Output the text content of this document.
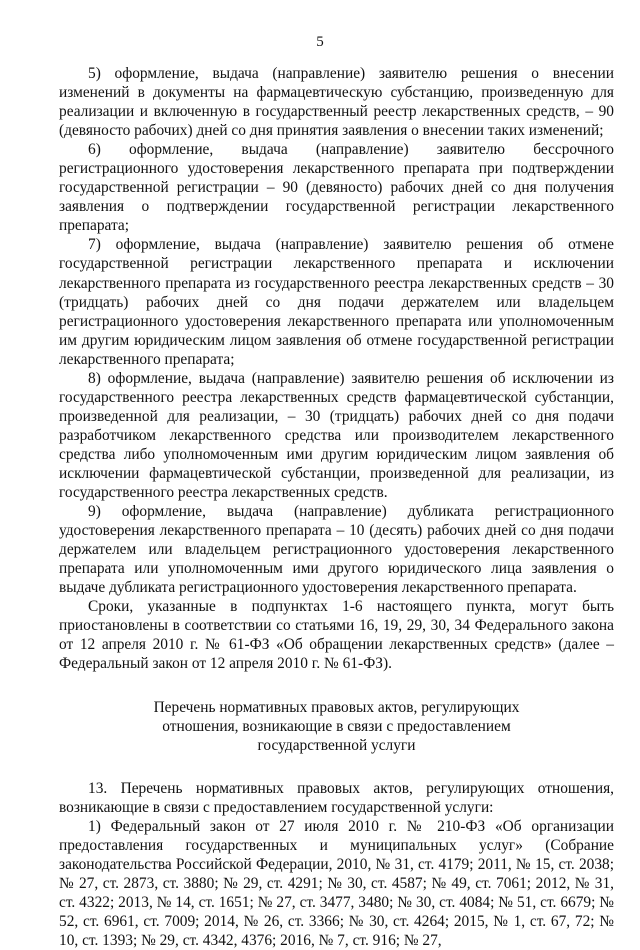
5

5) оформление, выдача (направление) заявителю решения о внесении изменений в документы на фармацевтическую субстанцию, произведенную для реализации и включенную в государственный реестр лекарственных средств, – 90 (девяносто рабочих) дней со дня принятия заявления о внесении таких изменений;

6) оформление, выдача (направление) заявителю бессрочного регистрационного удостоверения лекарственного препарата при подтверждении государственной регистрации – 90 (девяносто) рабочих дней со дня получения заявления о подтверждении государственной регистрации лекарственного препарата;

7) оформление, выдача (направление) заявителю решения об отмене государственной регистрации лекарственного препарата и исключении лекарственного препарата из государственного реестра лекарственных средств – 30 (тридцать) рабочих дней со дня подачи держателем или владельцем регистрационного удостоверения лекарственного препарата или уполномоченным им другим юридическим лицом заявления об отмене государственной регистрации лекарственного препарата;

8) оформление, выдача (направление) заявителю решения об исключении из государственного реестра лекарственных средств фармацевтической субстанции, произведенной для реализации, – 30 (тридцать) рабочих дней со дня подачи разработчиком лекарственного средства или производителем лекарственного средства либо уполномоченным ими другим юридическим лицом заявления об исключении фармацевтической субстанции, произведенной для реализации, из государственного реестра лекарственных средств.

9) оформление, выдача (направление) дубликата регистрационного удостоверения лекарственного препарата – 10 (десять) рабочих дней со дня подачи держателем или владельцем регистрационного удостоверения лекарственного препарата или уполномоченным ими другого юридического лица заявления о выдаче дубликата регистрационного удостоверения лекарственного препарата.

Сроки, указанные в подпунктах 1-6 настоящего пункта, могут быть приостановлены в соответствии со статьями 16, 19, 29, 30, 34 Федерального закона от 12 апреля 2010 г. № 61-ФЗ «Об обращении лекарственных средств» (далее – Федеральный закон от 12 апреля 2010 г. № 61-ФЗ).

Перечень нормативных правовых актов, регулирующих отношения, возникающие в связи с предоставлением государственной услуги

13. Перечень нормативных правовых актов, регулирующих отношения, возникающие в связи с предоставлением государственной услуги:

1) Федеральный закон от 27 июля 2010 г. № 210-ФЗ «Об организации предоставления государственных и муниципальных услуг» (Собрание законодательства Российской Федерации, 2010, № 31, ст. 4179; 2011, № 15, ст. 2038; № 27, ст. 2873, ст. 3880; № 29, ст. 4291; № 30, ст. 4587; № 49, ст. 7061; 2012, № 31, ст. 4322; 2013, № 14, ст. 1651; № 27, ст. 3477, 3480; № 30, ст. 4084; № 51, ст. 6679; № 52, ст. 6961, ст. 7009; 2014, № 26, ст. 3366; № 30, ст. 4264; 2015, № 1, ст. 67, 72; № 10, ст. 1393; № 29, ст. 4342, 4376; 2016, № 7, ст. 916; № 27,
